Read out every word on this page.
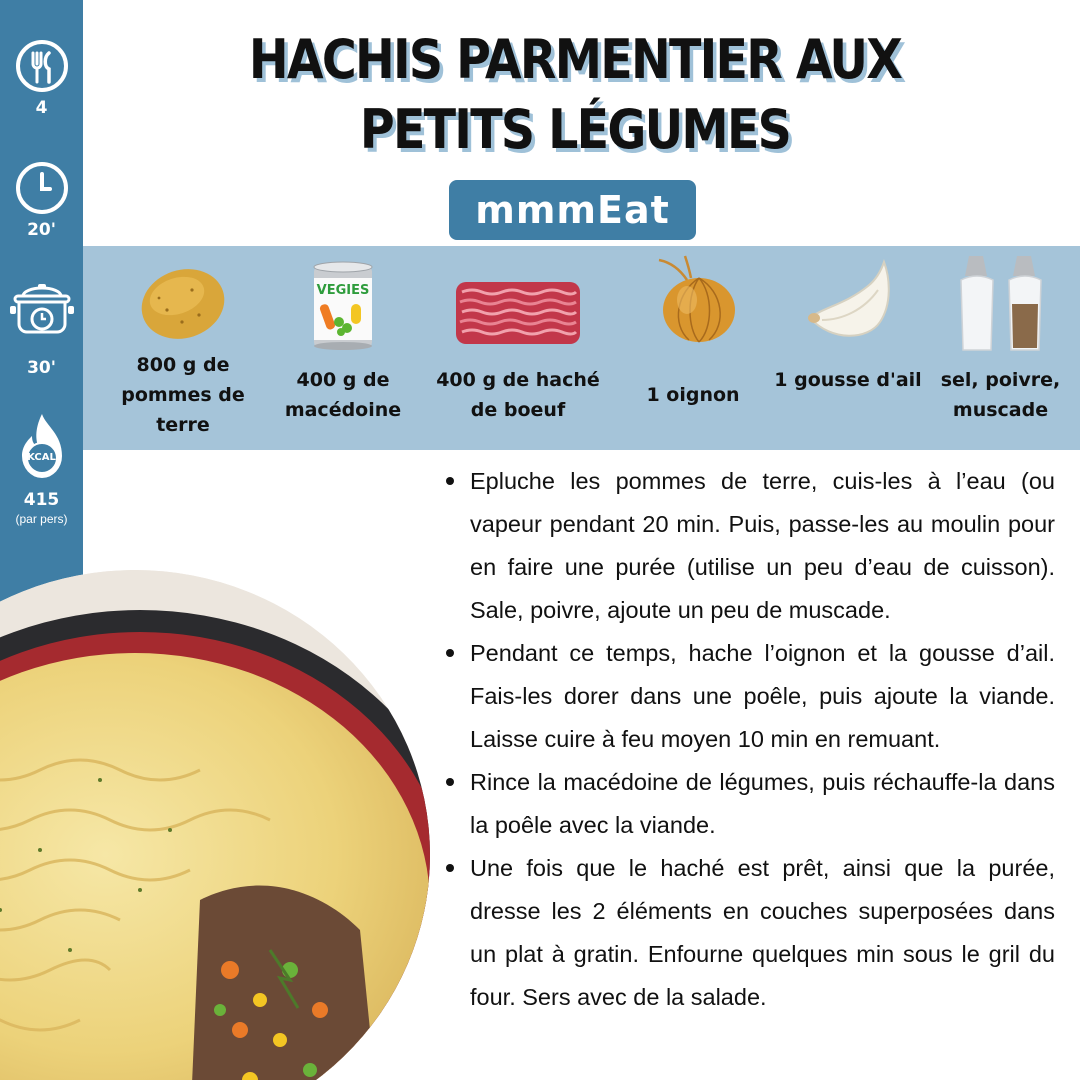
4
20'
30'
KCAL
415
(par pers)
HACHIS PARMENTIER AUX PETITS LÉGUMES
mmmEat
800 g de pommes de terre
VEGIES
400 g de macédoine
400 g de haché de boeuf
1 oignon
1 gousse d'ail	sel, poivre, muscade
Epluche les pommes de terre, cuis-les à l’eau (ou vapeur pendant 20 min. Puis, passe-les au moulin pour en faire une purée (utilise un peu d’eau de cuisson). Sale, poivre, ajoute un peu de muscade.
Pendant ce temps, hache l’oignon et la gousse d’ail. Fais-les dorer dans une poêle, puis ajoute la viande. Laisse cuire à feu moyen 10 min en remuant.
Rince la macédoine de légumes, puis réchauffe-la dans la poêle avec la viande.
Une fois que le haché est prêt, ainsi que la purée, dresse les 2 éléments en couches superposées dans un plat à gratin. Enfourne quelques min sous le gril du four. Sers avec de la salade.
